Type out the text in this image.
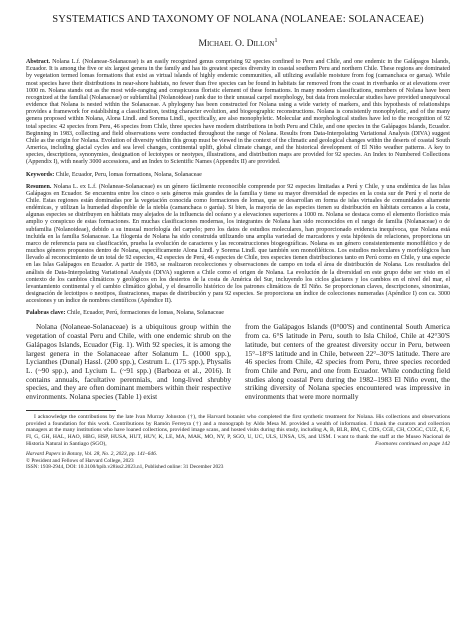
SYSTEMATICS AND TAXONOMY OF NOLANA (NOLANEAE: SOLANACEAE)
Michael O. Dillon$^1$

Abstract. Nolana L.f. (Nolaneae-Solanaceae) is an easily recognized genus comprising 92 species confined to Peru and Chile, and one endemic in the Galápagos Islands, Ecuador. It is among the five or six largest genera in the family and has its greatest species diversity in coastal southern Peru and northern Chile. These regions are dominated by vegetation termed lomas formations that exist as virtual islands of highly endemic communities, all utilizing available moisture from fog (camanchaca or garua). While most species have their distributions in near-shore habitats, no fewer than five species can be found in habitats far removed from the coast in riverbanks or at elevations over 1000 m. Nolana stands out as the most wide-ranging and conspicuous floristic element of these formations. In many modern classifications, members of Nolana have been recognized at the familial (Nolanaceae) or subfamilial (Nolanoideae) rank due to their unusual carpel morphology, but data from molecular studies have provided unequivocal evidence that Nolana is nested within the Solanaceae. A phylogeny has been constructed for Nolana using a wide variety of markers, and this hypothesis of relationships provides a framework for establishing a classification, testing character evolution, and biogeographic reconstructions. Nolana is consistently monophyletic, and of the many genera proposed within Nolana, Alona Lindl. and Sorema Lindl., specifically, are also monophyletic. Molecular and morphological studies have led to the recognition of 92 total species: 42 species from Peru, 46 species from Chile, three species have modern distributions in both Peru and Chile, and one species in the Galápagos Islands, Ecuador. Beginning in 1983, collecting and field observations were conducted throughout the range of Nolana. Results from Data-Interpolating Variational Analysis (DIVA) suggest Chile as the origin for Nolana. Evolution of diversity within this group must be viewed in the context of the climatic and geological changes within the deserts of coastal South America, including glacial cycles and sea level changes, continental uplift, global climate change, and the historical development of El Niño weather patterns. A key to species, descriptions, synonymies, designation of lectotypes or neotypes, illustrations, and distribution maps are provided for 92 species. An Index to Numbered Collections (Appendix I), with nearly 3000 accessions, and an Index to Scientific Names (Appendix II) are provided.

Keywords: Chile, Ecuador, Peru, lomas formations, Nolana, Solanaceae

Resumen. Nolana L. ex L.f. (Nolaneae-Solanaceae) es un género fácilmente reconocible comprende por 92 especies limitadas a Perú y Chile, y una endémica de las Islas Galápagos en Ecuador. Se encuentra entre los cinco o seis géneros más grandes de la familia y tiene su mayor diversidad de especies en la costa sur de Perú y el norte de Chile. Estas regiones están dominadas por la vegetación conocida como formaciones de lomas, que se desarrollan en forma de islas virtuales de comunidades altamente endémicas, y utilizan la humedad disponible de la niebla (camanchaca o garúa). Si bien, la mayoría de las especies tienen su distribución en hábitats cercanos a la costa, algunas especies se distribuyen en hábitats muy alejados de la influencia del océano y a elevaciones superiores a 1000 m. Nolana se destaca como el elemento florístico más amplio y conspicuo de estas formaciones. En muchas clasificaciones modernas, los integrantes de Nolana han sido reconocidos en el rango de familia (Nolanaceae) o de subfamilia (Nolanoideae), debido a su inusual morfología del carpelo; pero los datos de estudios moleculares, han proporcionado evidencia inequívoca, que Nolana está incluida en la familia Solanaceae. La filogenia de Nolana ha sido construida utilizando una amplia variedad de marcadores y esta hipótesis de relaciones, proporciona un marco de referencia para su clasificación, prueba la evolución de caracteres y las reconstrucciones biogeográficas. Nolana es un género consistentemente monofilético y de muchos géneros propuestos dentro de Nolana, específicamente Alona Lindl. y Sorema Lindl. que también son monofiléticos. Los estudios moleculares y morfológicos han llevado al reconocimiento de un total de 92 especies, 42 especies de Perú, 46 especies de Chile, tres especies tienen distribuciones tanto en Perú como en Chile, y una especie en las Islas Galápagos en Ecuador. A partir de 1983, se realizaron recolecciones y observaciones de campo en toda el área de distribución de Nolana. Los resultados del análisis de Data-Interpolating Variational Analysis (DIVA) sugieren a Chile como el origen de Nolana. La evolución de la diversidad en este grupo debe ser visto en el contexto de los cambios climáticos y geológicos en los desiertos de la costa de América del Sur, incluyendo los ciclos glaciares y los cambios en el nivel del mar, el levantamiento continental y el cambio climático global, y el desarrollo histórico de los patrones climáticos de El Niño. Se proporcionan claves, descripciones, sinonimias, designación de lectotipos o neotipos, ilustraciones, mapas de distribución y para 92 especies. Se proporciona un índice de colecciones numeradas (Apéndice I) con ca. 3000 accesiones y un índice de nombres científicos (Apéndice II).

Palabras clave: Chile, Ecuador, Perú, formaciones de lomas, Nolana, Solanaceae

Nolana (Nolaneae-Solanaceae) is a ubiquitous group within the vegetation of coastal Peru and Chile, with one endemic shrub on the Galápagos Islands, Ecuador (Fig. 1). With 92 species, it is among the largest genera in the Solanaceae after Solanum L. (1000 spp.), Lycianthes (Dunal) Hassl. (200 spp.), Cestrum L. (175 spp.), Physalis L. (~90 spp.), and Lycium L. (~91 spp.) (Barboza et al., 2016). It contains annuals, facultative perennials, and long-lived shrubby species, and they are often dominant members within their respective environments. Nolana species (Table 1) exist

from the Galápagos Islands (0°00'S) and continental South America from ca. 6°S latitude in Peru, south to Isla Chiloé, Chile at 42°30'S latitude, but centers of the greatest diversity occur in Peru, between 15°–18°S latitude and in Chile, between 22°–30°S latitude. There are 46 species from Chile, 42 species from Peru, three species recorded from Chile and Peru, and one from Ecuador. While conducting field studies along coastal Peru during the 1982–1983 El Niño event, the striking diversity of Nolana species encountered was impressive in environments that were more normally

I acknowledge the contributions by the late Ivan Murray Johnston (†), the Harvard botanist who completed the first synthetic treatment for Nolana. His collections and observations provided a foundation for this work. Contributions by Ramón Ferreyra (†) and a monograph by Aldo Mesa M. provided a wealth of information. I thank the curators and collection managers at the many institutions who have loaned collections, provided image scans, and hosted visits during this study, including A, B, BLR, BM, C, CDS, CGE, CH, COGC, CUZ, E, F, FI, G, GH, HAL, HAO, HBG, HSP, HUSA, HUT, HUV, K, LE, MA, MAK, MO, NY, P, SGO, U, UC, ULS, UNSA, US, and USM. I want to thank the staff at the Museo Nacional de Historia Natural in Santiago (SGO),	Footnotes continued on page 142
Harvard Papers in Botany, Vol. 28, No. 2, 2023, pp. 141–646.
© President and Fellows of Harvard College, 2023
ISSN: 1938-2944, DOI: 10.3100/hpib.v28iss2.2023.n1, Published online: 31 December 2023
